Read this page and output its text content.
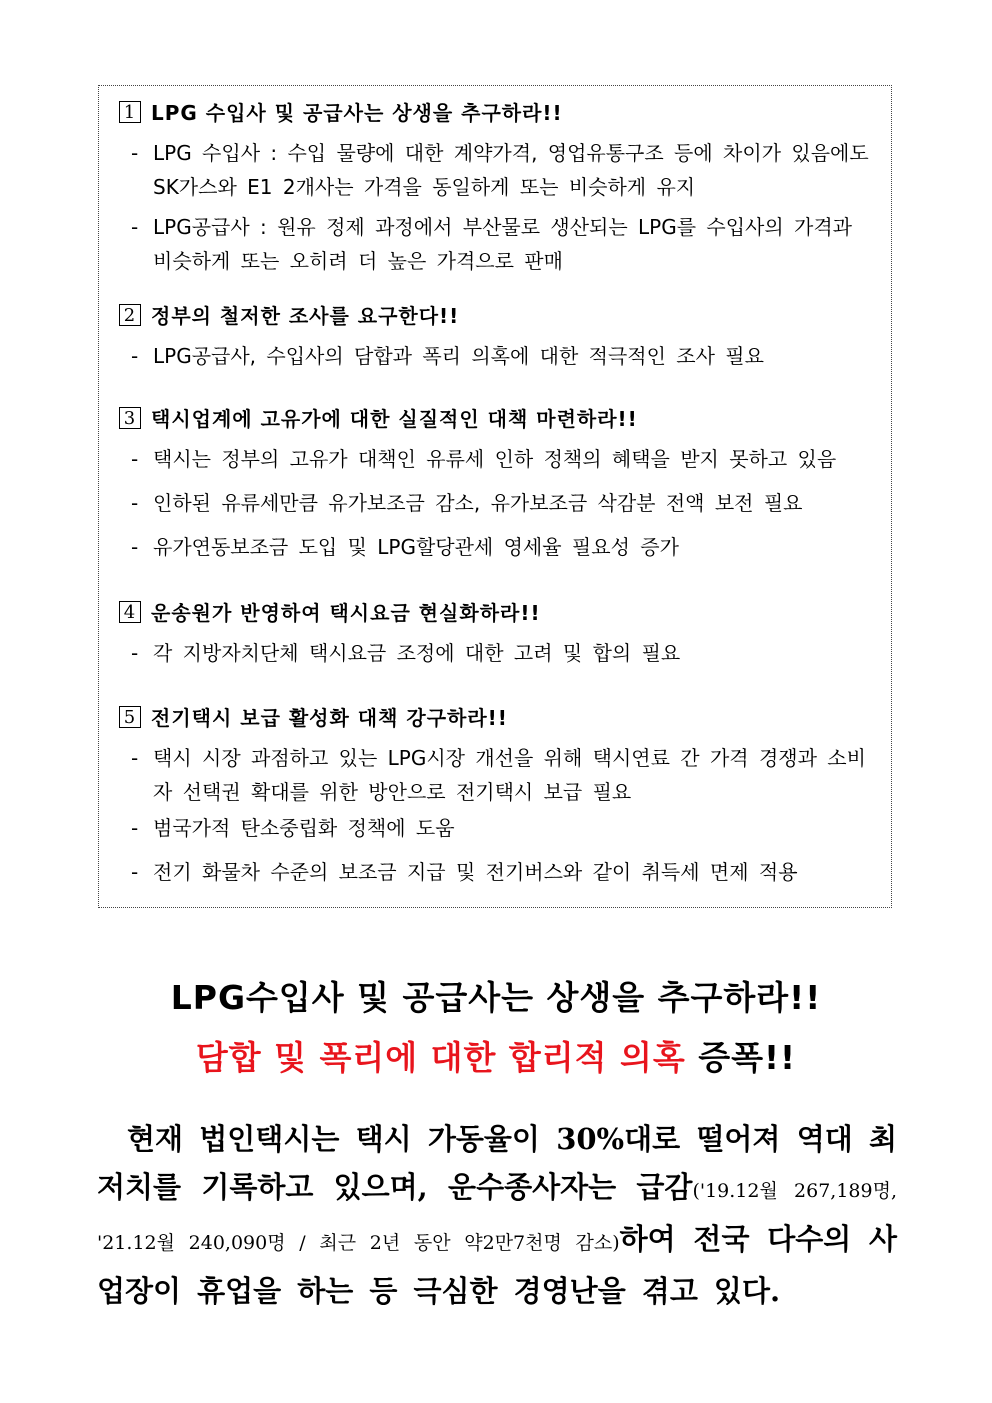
1 LPG 수입사 및 공급사는 상생을 추구하라!!
- LPG 수입사 : 수입 물량에 대한 계약가격, 영업유통구조 등에 차이가 있음에도 SK가스와 E1 2개사는 가격을 동일하게 또는 비슷하게 유지
- LPG공급사 : 원유 정제 과정에서 부산물로 생산되는 LPG를 수입사의 가격과 비슷하게 또는 오히려 더 높은 가격으로 판매
2 정부의 철저한 조사를 요구한다!!
- LPG공급사, 수입사의 담합과 폭리 의혹에 대한 적극적인 조사 필요
3 택시업계에 고유가에 대한 실질적인 대책 마련하라!!
- 택시는 정부의 고유가 대책인 유류세 인하 정책의 혜택을 받지 못하고 있음
- 인하된 유류세만큼 유가보조금 감소, 유가보조금 삭감분 전액 보전 필요
- 유가연동보조금 도입 및 LPG할당관세 영세율 필요성 증가
4 운송원가 반영하여 택시요금 현실화하라!!
- 각 지방자치단체 택시요금 조정에 대한 고려 및 합의 필요
5 전기택시 보급 활성화 대책 강구하라!!
- 택시 시장 과점하고 있는 LPG시장 개선을 위해 택시연료 간 가격 경쟁과 소비자 선택권 확대를 위한 방안으로 전기택시 보급 필요
- 범국가적 탄소중립화 정책에 도움
- 전기 화물차 수준의 보조금 지급 및 전기버스와 같이 취득세 면제 적용
LPG수입사 및 공급사는 상생을 추구하라!!
담합 및 폭리에 대한 합리적 의혹 증폭!!
현재 법인택시는 택시 가동율이 30%대로 떨어져 역대 최저치를 기록하고 있으며, 운수종사자는 급감('19.12월 267,189명, '21.12월 240,090명 / 최근 2년 동안 약2만7천명 감소)하여 전국 다수의 사업장이 휴업을 하는 등 극심한 경영난을 겪고 있다.
